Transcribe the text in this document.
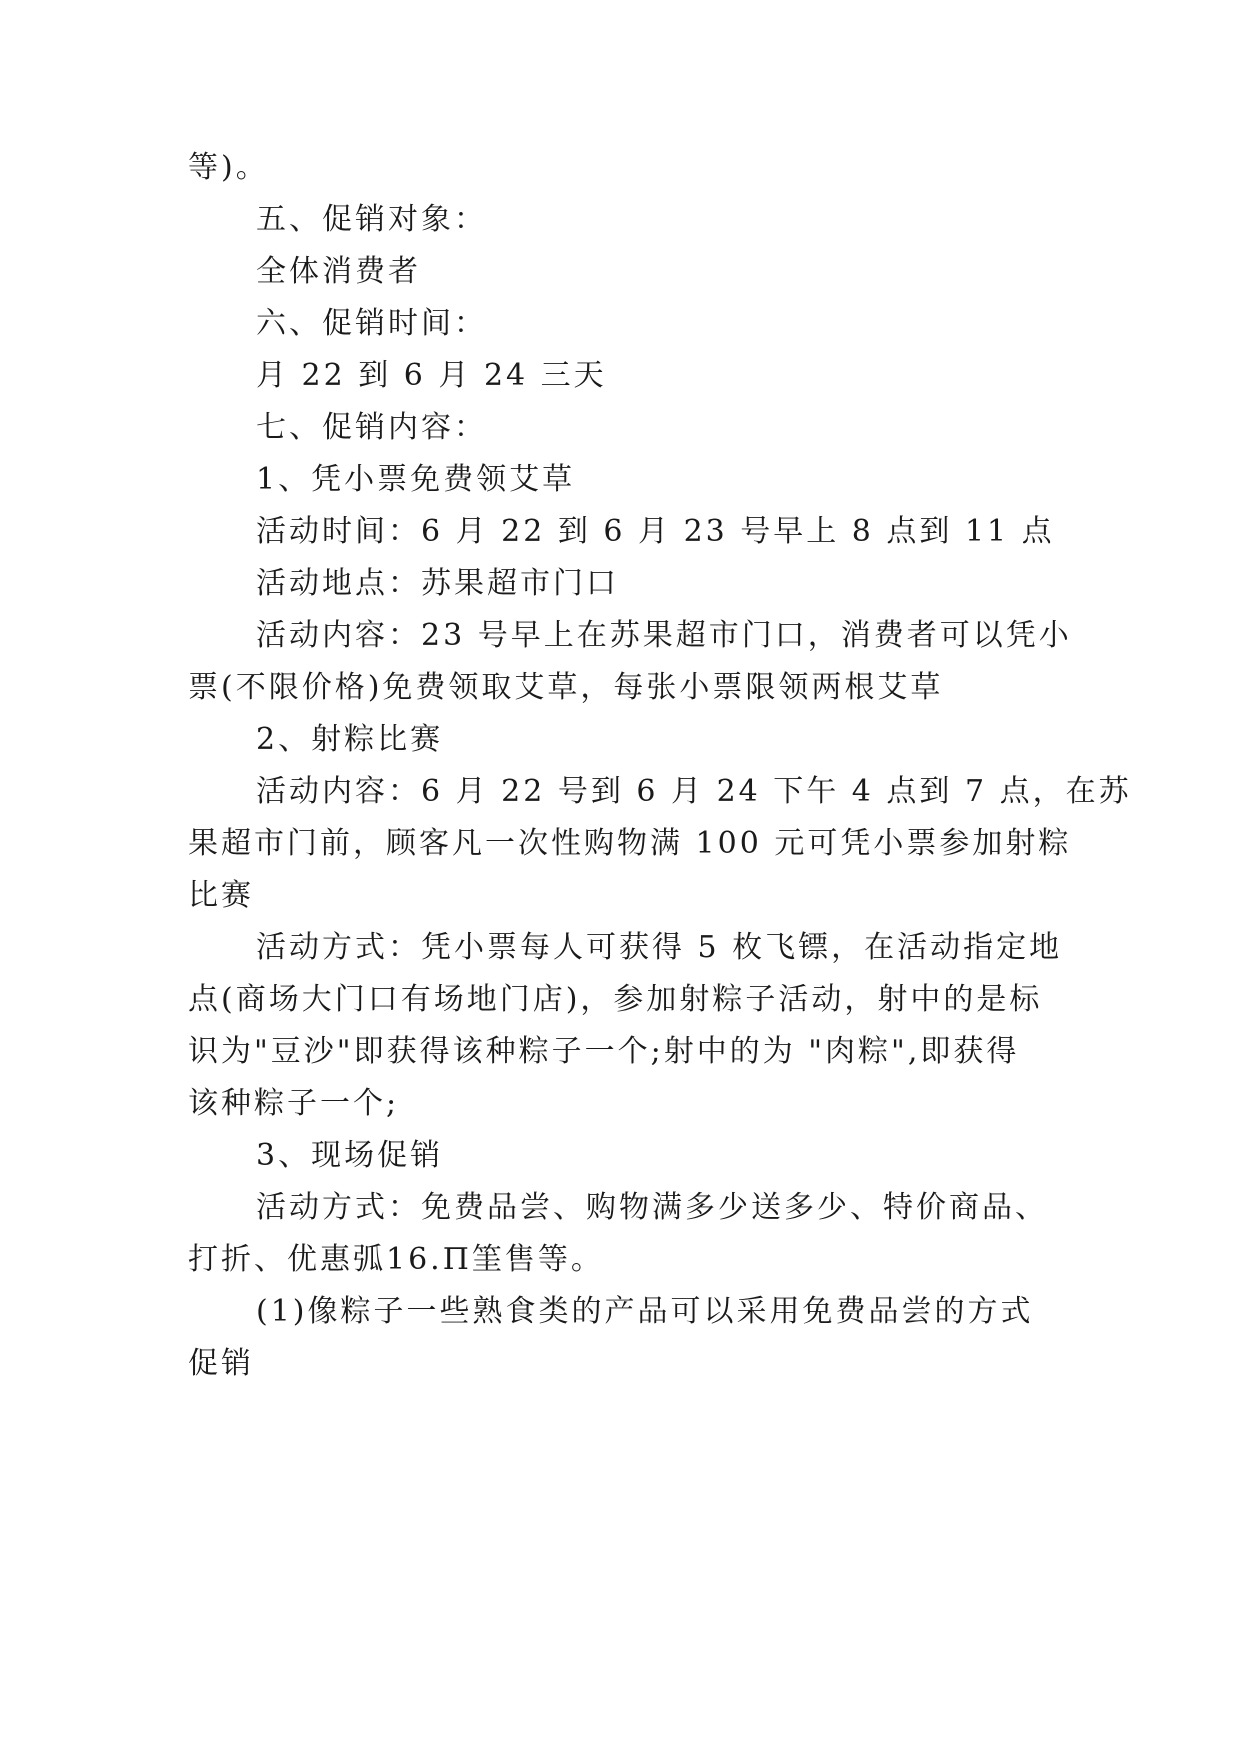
等)。
五、促销对象：
全体消费者
六、促销时间：
月 22 到 6 月 24 三天
七、促销内容：
1、凭小票免费领艾草
活动时间：6 月 22 到 6 月 23 号早上 8 点到 11 点
活动地点：苏果超市门口
活动内容：23 号早上在苏果超市门口，消费者可以凭小
票(不限价格)免费领取艾草，每张小票限领两根艾草
2、射粽比赛
活动内容：6 月 22 号到 6 月 24 下午 4 点到 7 点，在苏
果超市门前，顾客凡一次性购物满 100 元可凭小票参加射粽
比赛
活动方式：凭小票每人可获得 5 枚飞镖，在活动指定地
点(商场大门口有场地门店)，参加射粽子活动，射中的是标
识为"豆沙"即获得该种粽子一个;射中的为 "肉粽",即获得
该种粽子一个;
3、现场促销
活动方式：免费品尝、购物满多少送多少、特价商品、
打折、优惠弧16.Π筀售等。
(1)像粽子一些熟食类的产品可以采用免费品尝的方式
促销
